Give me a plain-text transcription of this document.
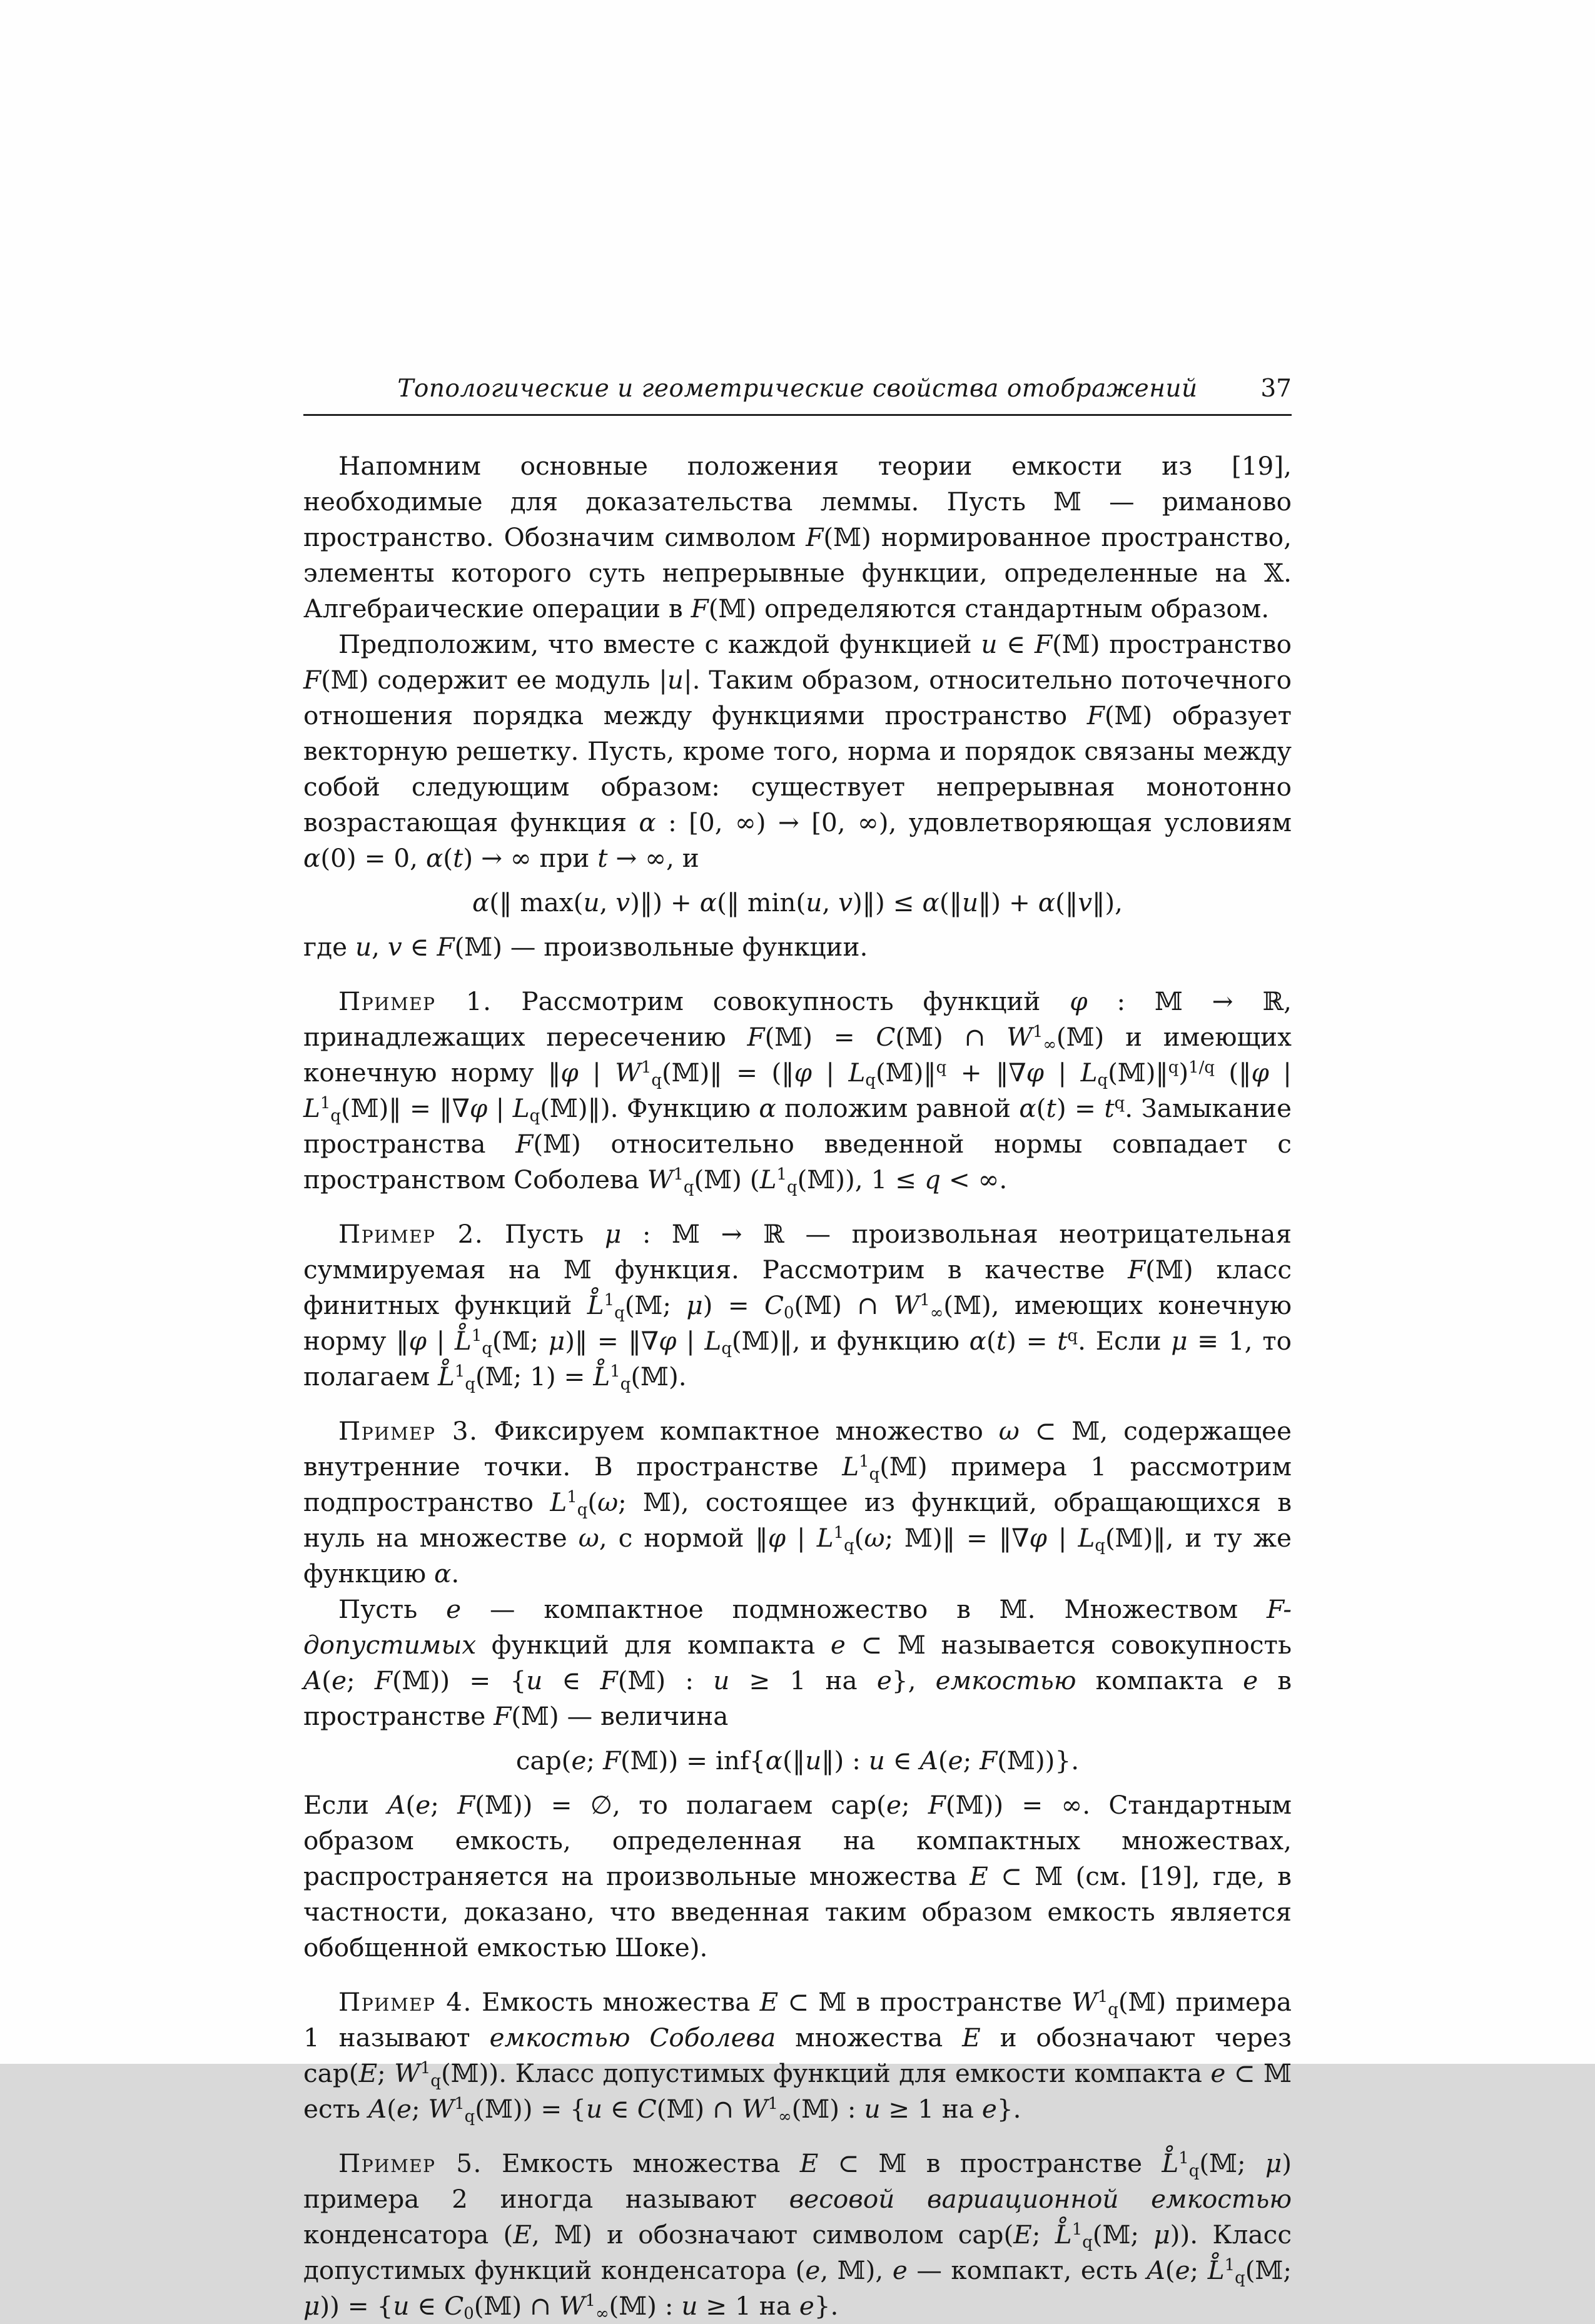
Топологические и геометрические свойства отображений	37

Напомним основные положения теории емкости из [19], необходимые для доказательства леммы. Пусть 𝕄 — риманово пространство. Обозначим символом F(𝕄) нормированное пространство, элементы которого суть непрерывные функции, определенные на 𝕏. Алгебраические операции в F(𝕄) определяются стандартным образом.

Предположим, что вместе с каждой функцией u ∈ F(𝕄) пространство F(𝕄) содержит ее модуль |u|. Таким образом, относительно поточечного отношения порядка между функциями пространство F(𝕄) образует векторную решетку. Пусть, кроме того, норма и порядок связаны между собой следующим образом: существует непрерывная монотонно возрастающая функция α : [0, ∞) → [0, ∞), удовлетворяющая условиям α(0) = 0, α(t) → ∞ при t → ∞, и

α(‖ max(u, v)‖) + α(‖ min(u, v)‖) ≤ α(‖u‖) + α(‖v‖),

где u, v ∈ F(𝕄) — произвольные функции.

Пример 1. Рассмотрим совокупность функций φ : 𝕄 → ℝ, принадлежащих пересечению F(𝕄) = C(𝕄) ∩ $W^1_\infty(𝕄)$ и имеющих конечную норму ‖φ | $W^1_q(𝕄)‖$ = (‖φ | $L_q(𝕄)‖^q$ + ‖∇φ | $L_q(𝕄)‖^q)^{1/q}$ (‖φ | $L^1_q(𝕄)‖$ = ‖∇φ | $L_q(𝕄)‖$). Функцию α положим равной $\alpha(t) = t^q$. Замыкание пространства F(𝕄) относительно введенной нормы совпадает с пространством Соболева $W^1_q(𝕄)$ $(L^1_q(𝕄))$, 1 ≤ q < ∞.

Пример 2. Пусть μ : 𝕄 → ℝ — произвольная неотрицательная суммируемая на 𝕄 функция. Рассмотрим в качестве F(𝕄) класс финитных функций L̊$^1_q$(𝕄; $\mu) = C_0(𝕄)$ ∩ $W^1_\infty(𝕄)$, имеющих конечную норму ‖φ | L̊$^1_q$(𝕄; μ)‖ = ‖∇φ | $L_q(𝕄)‖$, и функцию $\alpha(t) = t^q$. Если μ ≡ 1, то полагаем L̊$^1_q$(𝕄; 1) = L̊$^1_q$(𝕄).

Пример 3. Фиксируем компактное множество ω ⊂ 𝕄, содержащее внутренние точки. В пространстве $L^1_q(𝕄)$ примера 1 рассмотрим подпространство $L^1_q(\omega$; 𝕄), состоящее из функций, обращающихся в нуль на множестве ω, с нормой ‖φ | $L^1_q(\omega$; 𝕄)‖ = ‖∇φ | $L_q(𝕄)‖$, и ту же функцию α.

Пусть e — компактное подмножество в 𝕄. Множеством F-допустимых функций для компакта e ⊂ 𝕄 называется совокупность A(e; F(𝕄)) = {u ∈ F(𝕄) : u ≥ 1 на e}, емкостью компакта e в пространстве F(𝕄) — величина

cap(e; F(𝕄)) = inf{α(‖u‖) : u ∈ A(e; F(𝕄))}.

Если A(e; F(𝕄)) = ∅, то полагаем cap(e; F(𝕄)) = ∞. Стандартным образом емкость, определенная на компактных множествах, распространяется на произвольные множества E ⊂ 𝕄 (см. [19], где, в частности, доказано, что введенная таким образом емкость является обобщенной емкостью Шоке).

Пример 4. Емкость множества E ⊂ 𝕄 в пространстве $W^1_q(𝕄)$ примера 1 называют емкостью Соболева множества E и обозначают через cap(E; $W^1_q(𝕄)$). Класс допустимых функций для емкости компакта e ⊂ 𝕄 есть A(e; $W^1_q(𝕄)) = \{u$ ∈ C(𝕄) ∩ $W^1_\infty(𝕄)$ : u ≥ 1 на e}.

Пример 5. Емкость множества E ⊂ 𝕄 в пространстве L̊$^1_q$(𝕄; μ) примера 2 иногда называют весовой вариационной емкостью конденсатора (E, 𝕄) и обозначают символом cap(E; L̊$^1_q$(𝕄; μ)). Класс допустимых функций конденсатора (e, 𝕄), e — компакт, есть A(e; L̊$^1_q$(𝕄; μ)) = {u ∈ $C_0(𝕄)$ ∩ $W^1_\infty(𝕄)$ : u ≥ 1 на e}.
